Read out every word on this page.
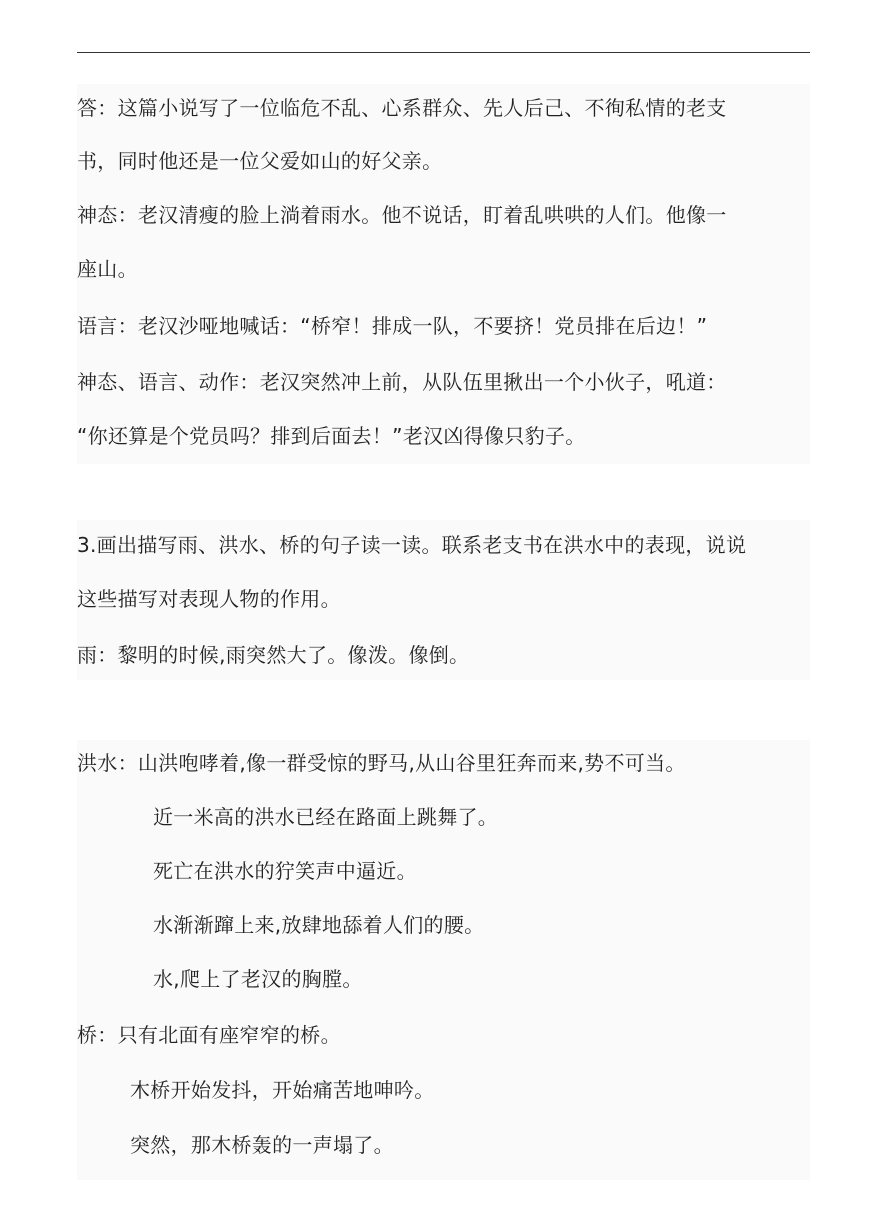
答：这篇小说写了一位临危不乱、心系群众、先人后己、不徇私情的老支
书，同时他还是一位父爱如山的好父亲。
神态：老汉清瘦的脸上淌着雨水。他不说话，盯着乱哄哄的人们。他像一
座山。
语言：老汉沙哑地喊话：“桥窄！排成一队，不要挤！党员排在后边！”
神态、语言、动作：老汉突然冲上前，从队伍里揪出一个小伙子，吼道：
“你还算是个党员吗？排到后面去！”老汉凶得像只豹子。
3.画出描写雨、洪水、桥的句子读一读。联系老支书在洪水中的表现，说说
这些描写对表现人物的作用。
雨：黎明的时候,雨突然大了。像泼。像倒。
洪水：山洪咆哮着,像一群受惊的野马,从山谷里狂奔而来,势不可当。
近一米高的洪水已经在路面上跳舞了。
死亡在洪水的狞笑声中逼近。
水渐渐蹿上来,放肆地舔着人们的腰。
水,爬上了老汉的胸膛。
桥：只有北面有座窄窄的桥。
木桥开始发抖，开始痛苦地呻吟。
突然，那木桥轰的一声塌了。
